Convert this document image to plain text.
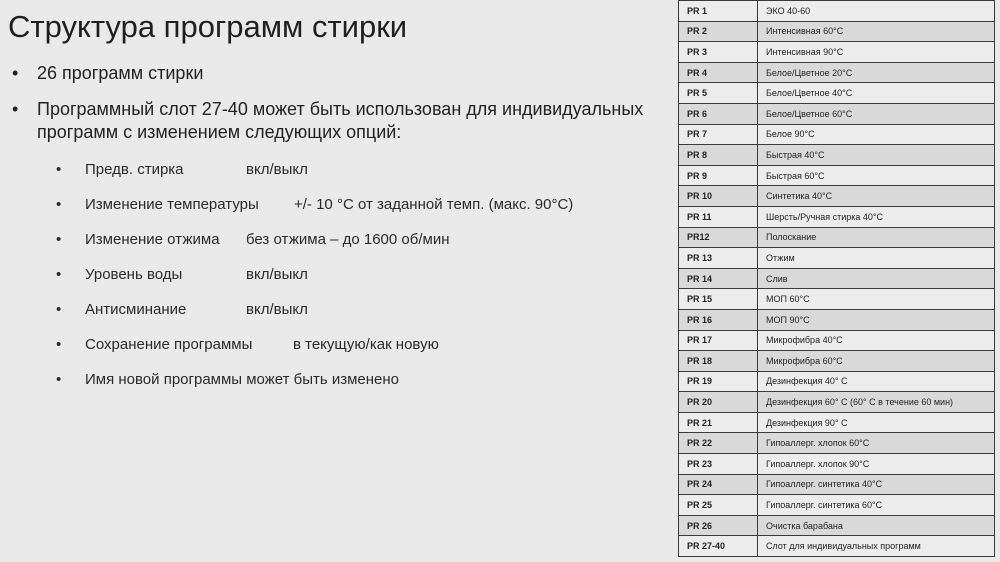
Структура программ стирки
• 26 программ стирки
• Программный слот 27-40 может быть использован для индивидуальных программ с изменением следующих опций:
• Предв. стирка	вкл/выкл
• Изменение температуры +/- 10 °С от заданной темп. (макс. 90°С)
• Изменение отжима без отжима – до 1600 об/мин
• Уровень воды	вкл/выкл
• Антисминание	вкл/выкл
• Сохранение программы	в текущую/как новую
• Имя новой программы может быть изменено
PR 1	ЭКО 40-60
PR 2	Интенсивная 60°С
PR 3	Интенсивная 90°С
PR 4	Белое/Цветное 20°С
PR 5	Белое/Цветное 40°С
PR 6	Белое/Цветное 60°С
PR 7	Белое 90°С
PR 8	Быстрая 40°С
PR 9	Быстрая 60°С
PR 10	Синтетика 40°С
PR 11	Шерсть/Ручная стирка 40°С
PR12	Полоскание
PR 13	Отжим
PR 14	Слив
PR 15	МОП 60°С
PR 16	МОП 90°С
PR 17	Микрофибра 40°С
PR 18	Микрофибра 60°С
PR 19	Дезинфекция 40° С
PR 20	Дезинфекция 60° С (60° С в течение 60 мин)
PR 21	Дезинфекция 90° С
PR 22	Гипоаллерг. хлопок 60°С
PR 23	Гипоаллерг. хлопок 90°С
PR 24	Гипоаллерг. синтетика 40°С
PR 25	Гипоаллерг. синтетика 60°С
PR 26	Очистка барабана
PR 27-40	Слот для индивидуальных программ
